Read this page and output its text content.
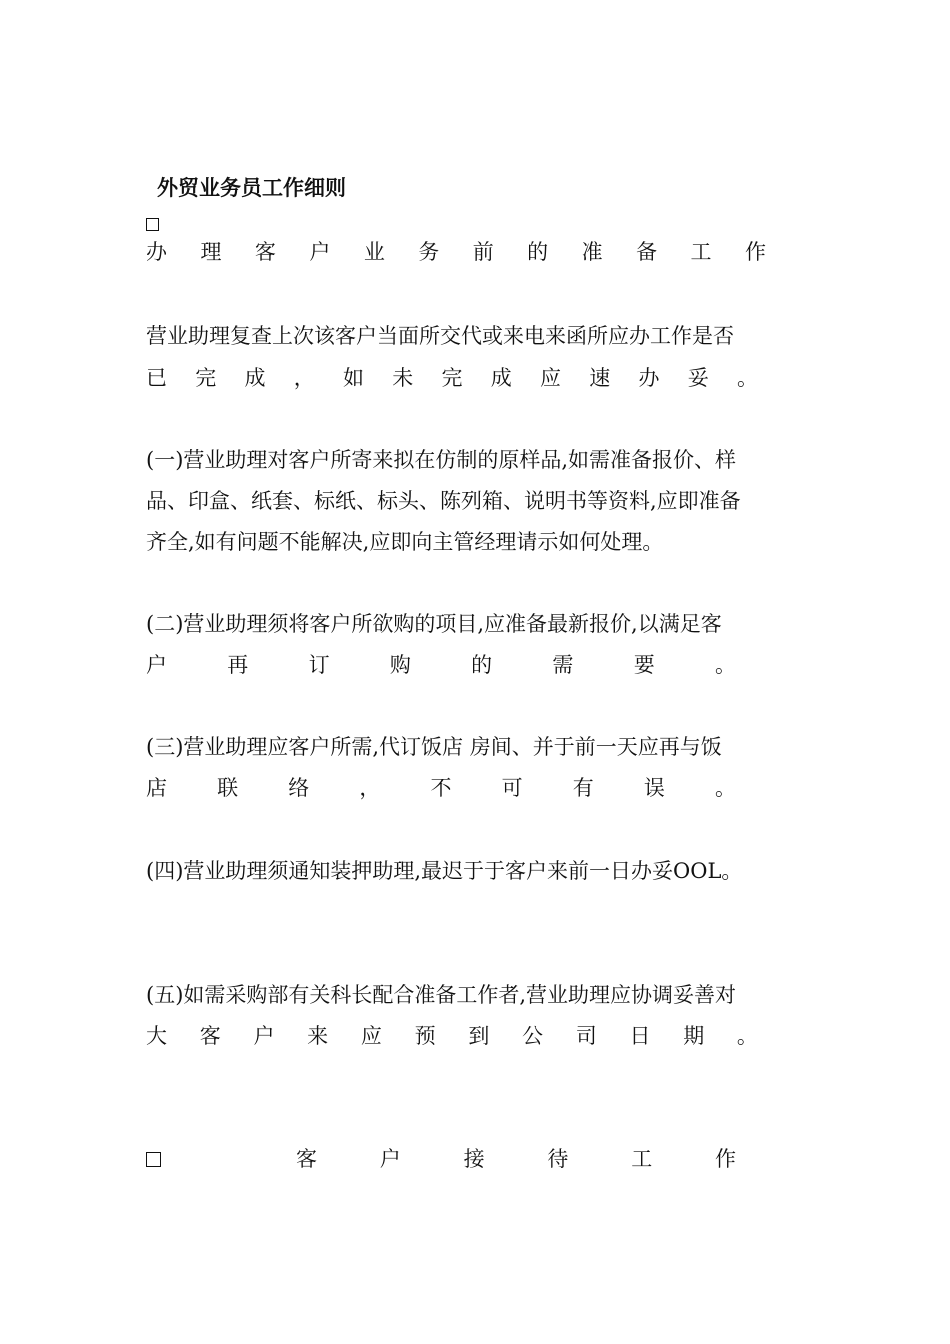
外贸业务员工作细则
办 理 客 户 业 务 前 的 准 备 工 作
营业助理复查上次该客户当面所交代或来电来函所应办工作是否
已 完 成 ， 如 未 完 成 应 速 办 妥 。
(一)营业助理对客户所寄来拟在仿制的原样品,如需准备报价、样
品、印盒、纸套、标纸、标头、陈列箱、说明书等资料,应即准备
齐全,如有问题不能解决,应即向主管经理请示如何处理。
(二)营业助理须将客户所欲购的项目,应准备最新报价,以满足客
户	再	订	购	的	需	要	。
(三)营业助理应客户所需,代订饭店 房间、并于前一天应再与饭
店 联 络 ， 不 可 有 误 。
(四)营业助理须通知装押助理,最迟于于客户来前一日办妥OOL。
(五)如需采购部有关科长配合准备工作者,营业助理应协调妥善对
大 客 户 来 应 预 到 公 司 日 期 。
客	户	接	待	工	作
